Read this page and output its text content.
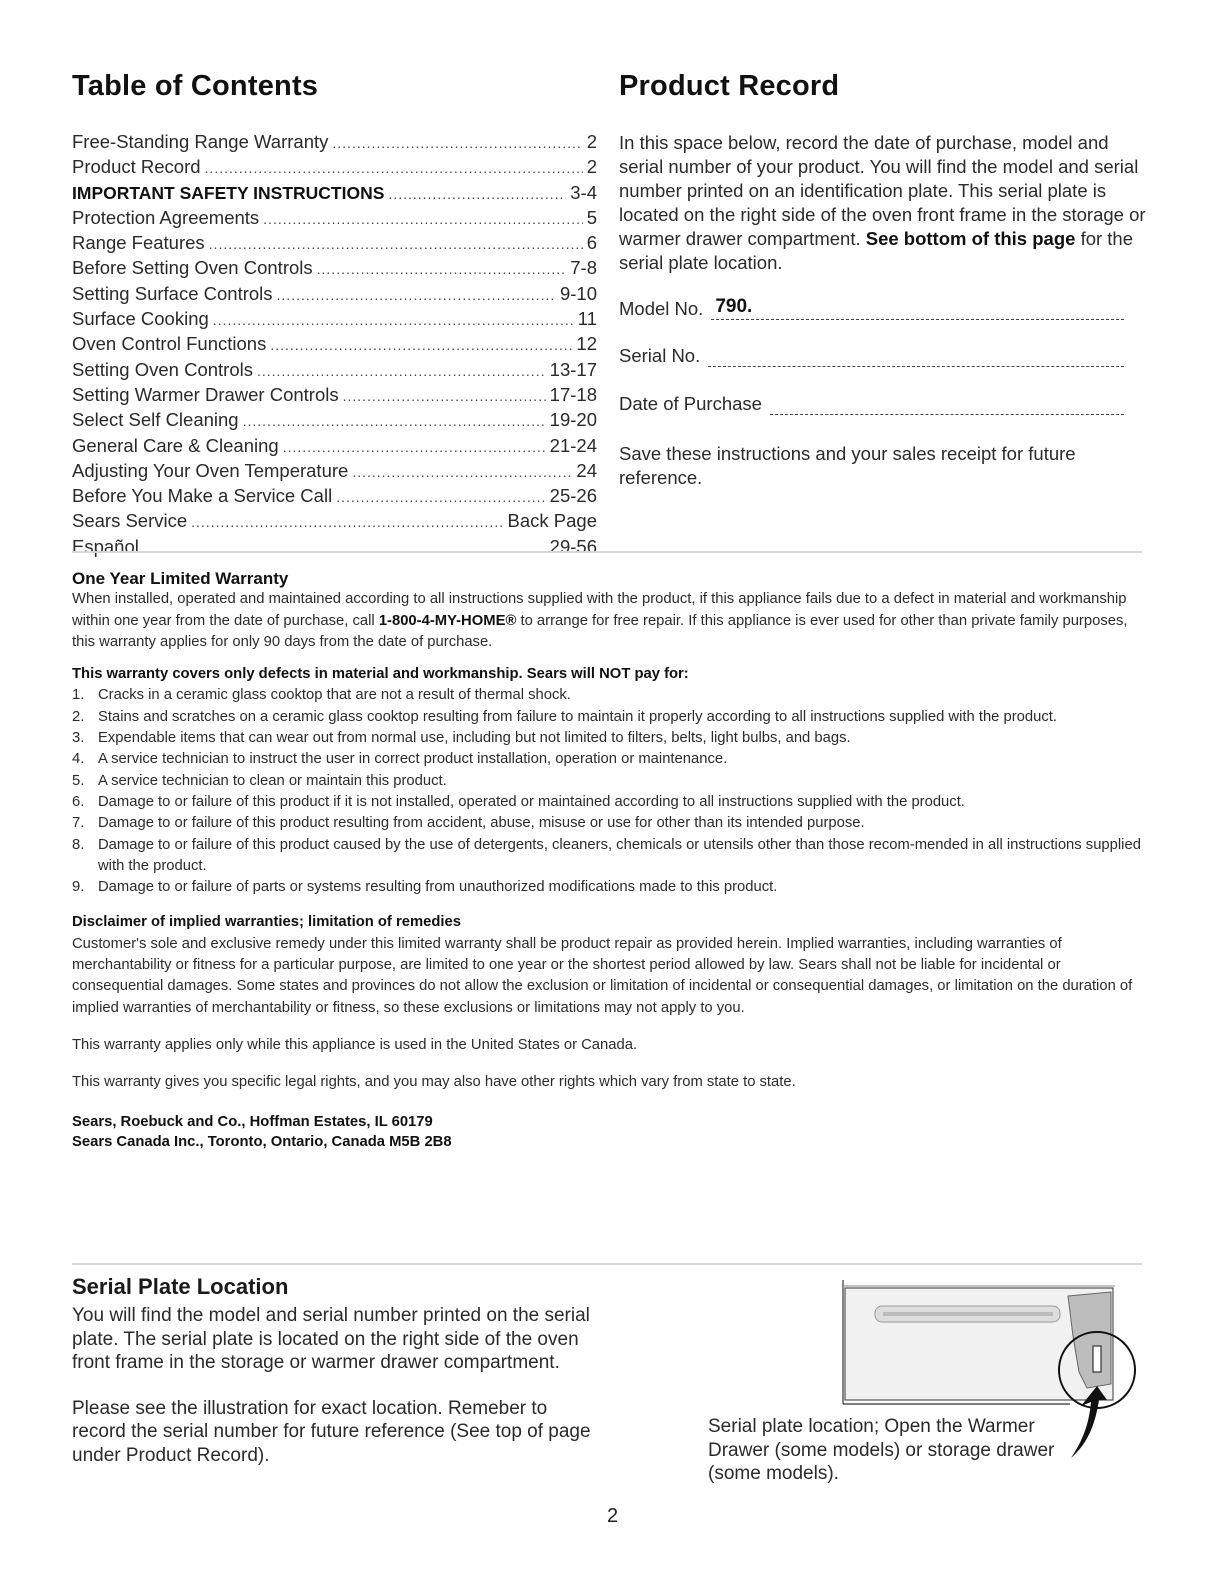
Table of Contents
Free-Standing Range Warranty .....	2
Product Record .....	2
IMPORTANT SAFETY INSTRUCTIONS .....	3-4
Protection Agreements .....	5
Range Features .....	6
Before Setting Oven Controls .....	7-8
Setting Surface Controls .....	9-10
Surface Cooking .....	11
Oven Control Functions .....	12
Setting Oven Controls .....	13-17
Setting Warmer Drawer Controls .....	17-18
Select Self Cleaning .....	19-20
General Care & Cleaning .....	21-24
Adjusting Your Oven Temperature .....	24
Before You Make a Service Call .....	25-26
Sears Service .....	Back Page
Español .....	29-56
Product Record
In this space below, record the date of purchase, model and serial number of your product. You will find the model and serial number printed on an identification plate. This serial plate is located on the right side of the oven front frame in the storage or warmer drawer compartment. See bottom of this page for the serial plate location.
Model No. 790.
Serial No.
Date of Purchase
Save these instructions and your sales receipt for future reference.
One Year Limited Warranty
When installed, operated and maintained according to all instructions supplied with the product, if this appliance fails due to a defect in material and workmanship within one year from the date of purchase, call 1-800-4-MY-HOME® to arrange for free repair. If this appliance is ever used for other than private family purposes, this warranty applies for only 90 days from the date of purchase.
This warranty covers only defects in material and workmanship. Sears will NOT pay for:
1. Cracks in a ceramic glass cooktop that are not a result of thermal shock.
2. Stains and scratches on a ceramic glass cooktop resulting from failure to maintain it properly according to all instructions supplied with the product.
3. Expendable items that can wear out from normal use, including but not limited to filters, belts, light bulbs, and bags.
4. A service technician to instruct the user in correct product installation, operation or maintenance.
5. A service technician to clean or maintain this product.
6. Damage to or failure of this product if it is not installed, operated or maintained according to all instructions supplied with the product.
7. Damage to or failure of this product resulting from accident, abuse, misuse or use for other than its intended purpose.
8. Damage to or failure of this product caused by the use of detergents, cleaners, chemicals or utensils other than those recom-mended in all instructions supplied with the product.
9. Damage to or failure of parts or systems resulting from unauthorized modifications made to this product.
Disclaimer of implied warranties; limitation of remedies
Customer's sole and exclusive remedy under this limited warranty shall be product repair as provided herein. Implied warranties, including warranties of merchantability or fitness for a particular purpose, are limited to one year or the shortest period allowed by law. Sears shall not be liable for incidental or consequential damages. Some states and provinces do not allow the exclusion or limitation of incidental or consequential damages, or limitation on the duration of implied warranties of merchantability or fitness, so these exclusions or limitations may not apply to you.
This warranty applies only while this appliance is used in the United States or Canada.
This warranty gives you specific legal rights, and you may also have other rights which vary from state to state.
Sears, Roebuck and Co., Hoffman Estates, IL 60179
Sears Canada Inc., Toronto, Ontario, Canada M5B 2B8
Serial Plate Location
You will find the model and serial number printed on the serial plate. The serial plate is located on the right side of the oven front frame in the storage or warmer drawer compartment.
Please see the illustration for exact location. Remeber to record the serial number for future reference (See top of page under Product Record).
Serial plate location; Open the Warmer Drawer (some models) or storage drawer (some models).
2
